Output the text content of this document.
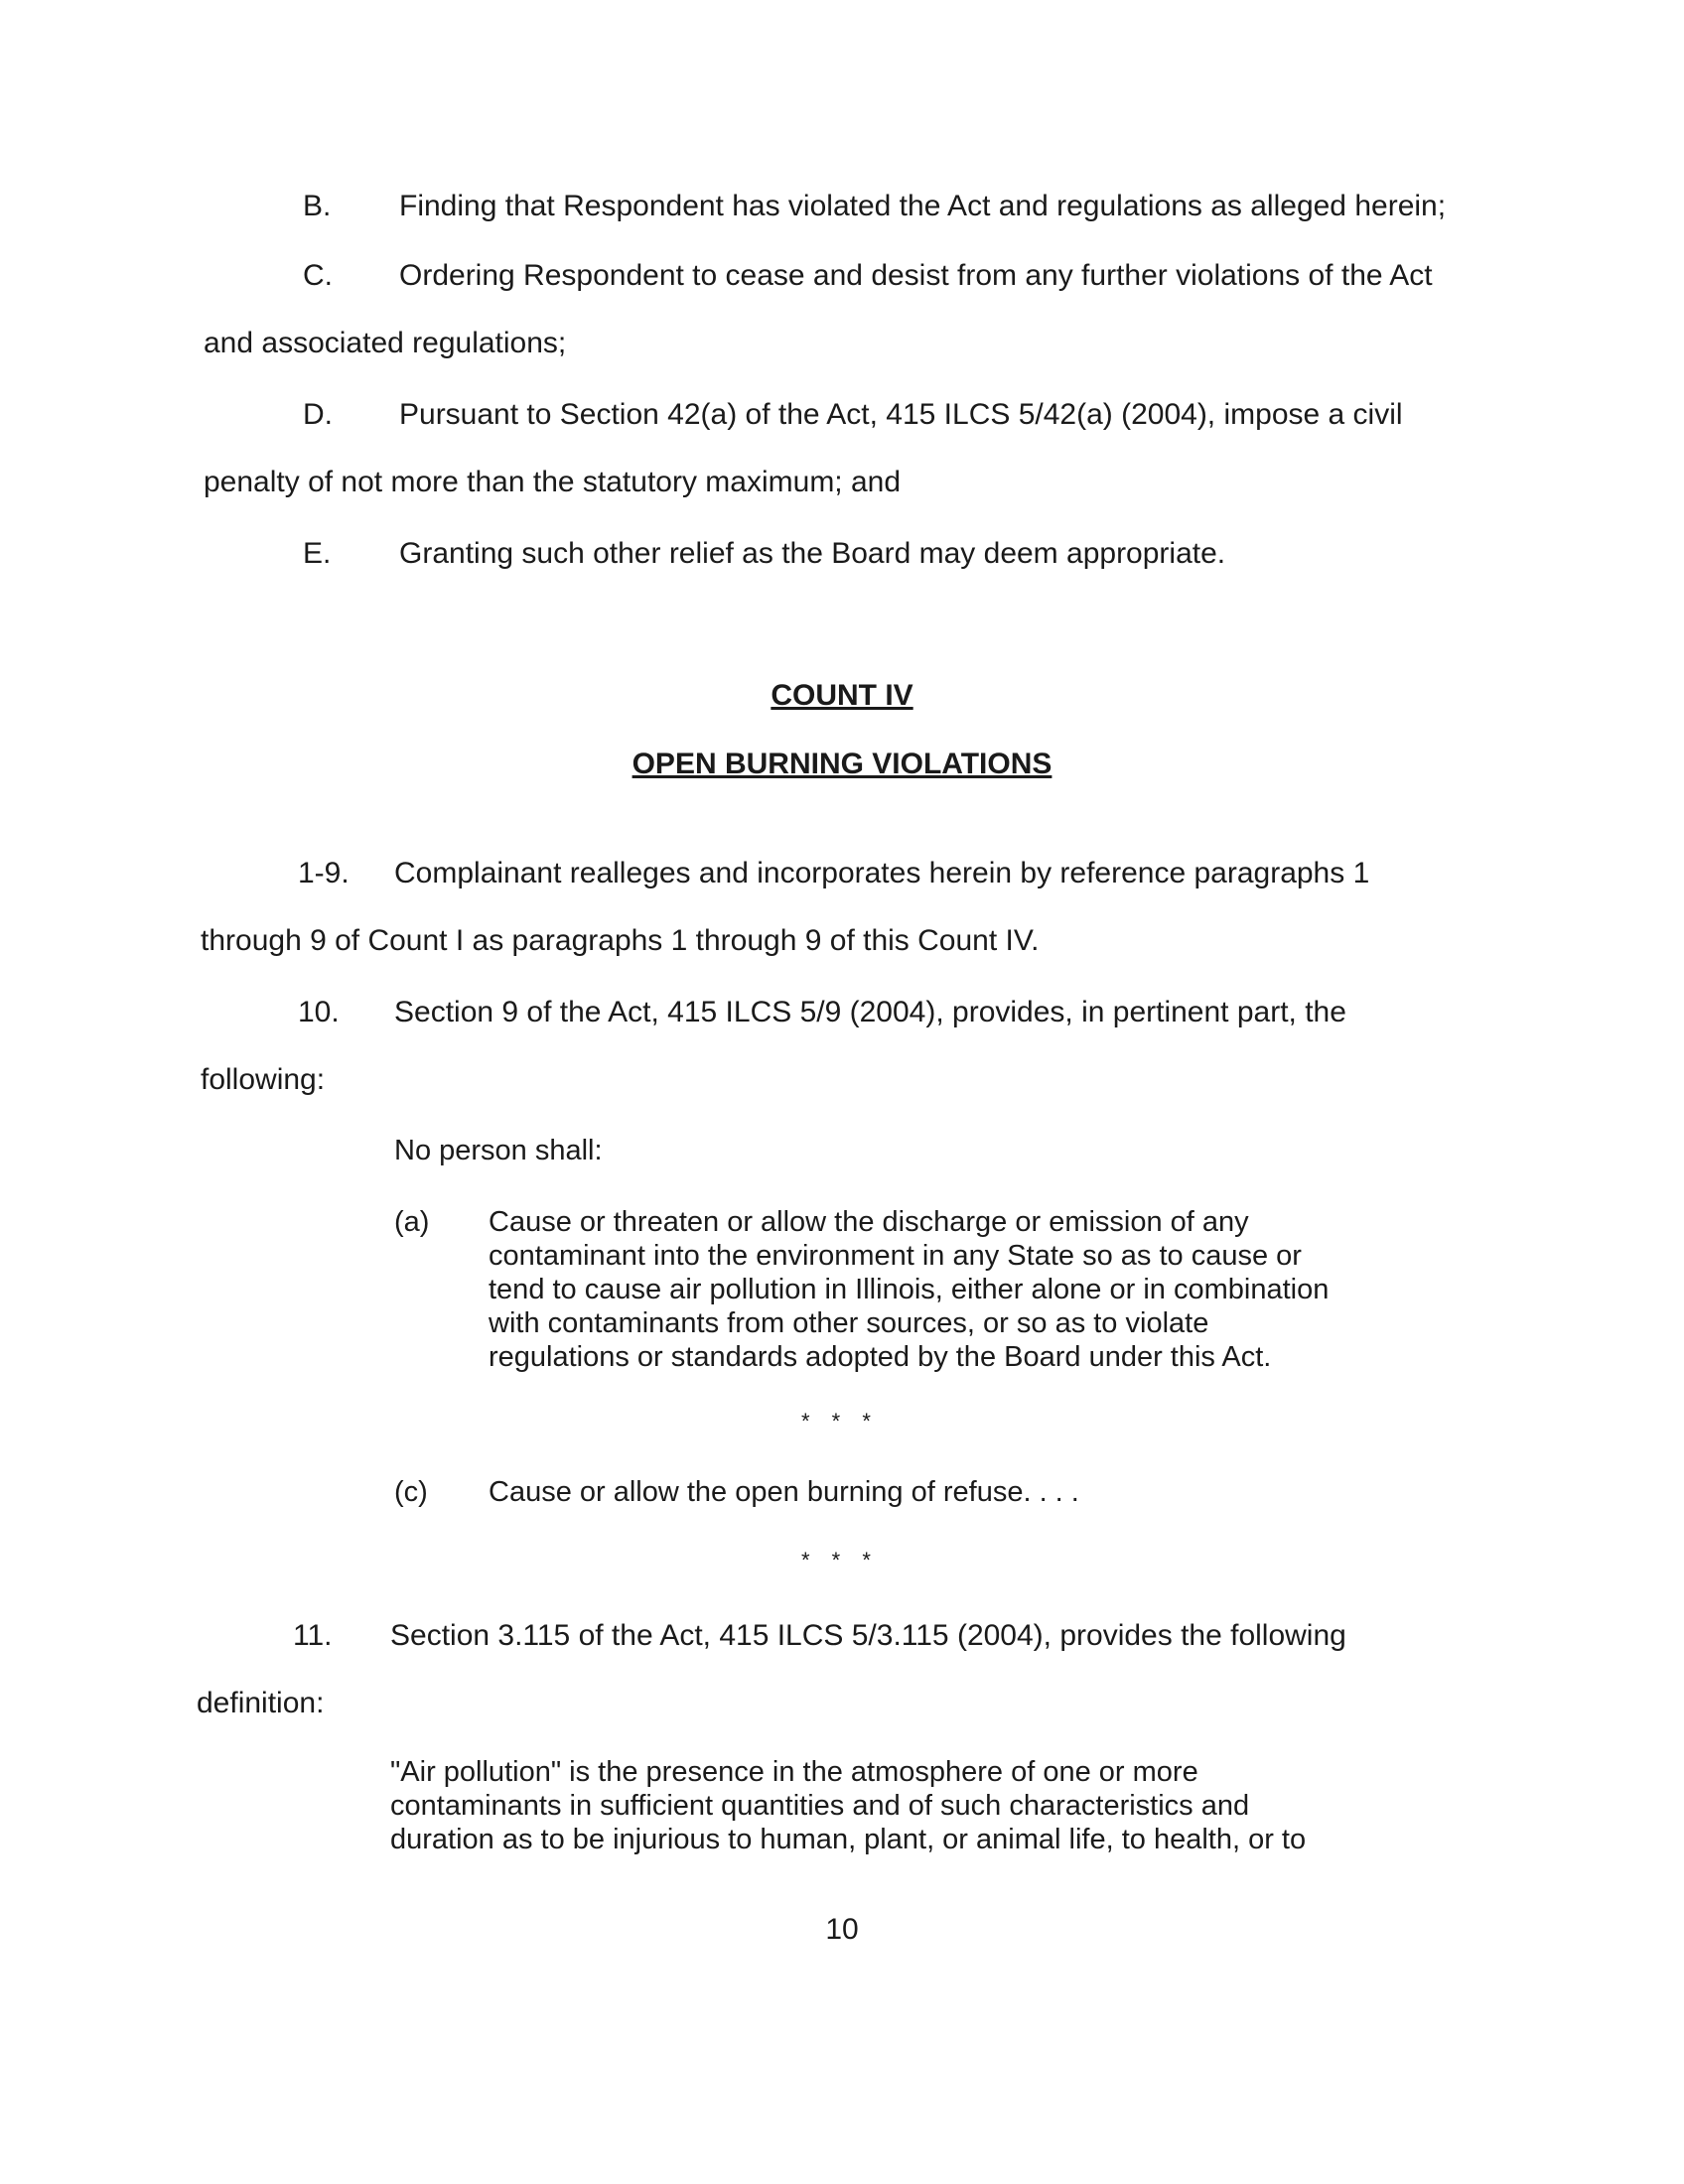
B. Finding that Respondent has violated the Act and regulations as alleged herein;
C. Ordering Respondent to cease and desist from any further violations of the Act
and associated regulations;
D. Pursuant to Section 42(a) of the Act, 415 ILCS 5/42(a) (2004), impose a civil
penalty of not more than the statutory maximum; and
E. Granting such other relief as the Board may deem appropriate.
COUNT IV
OPEN BURNING VIOLATIONS
1-9. Complainant realleges and incorporates herein by reference paragraphs 1
through 9 of Count I as paragraphs 1 through 9 of this Count IV.
10. Section 9 of the Act, 415 ILCS 5/9 (2004), provides, in pertinent part, the
following:
No person shall:
(a) Cause or threaten or allow the discharge or emission of any
contaminant into the environment in any State so as to cause or
tend to cause air pollution in Illinois, either alone or in combination
with contaminants from other sources, or so as to violate
regulations or standards adopted by the Board under this Act.
* * *
(c) Cause or allow the open burning of refuse. . . .
* * *
11. Section 3.115 of the Act, 415 ILCS 5/3.115 (2004), provides the following
definition:
"Air pollution" is the presence in the atmosphere of one or more
contaminants in sufficient quantities and of such characteristics and
duration as to be injurious to human, plant, or animal life, to health, or to
10
